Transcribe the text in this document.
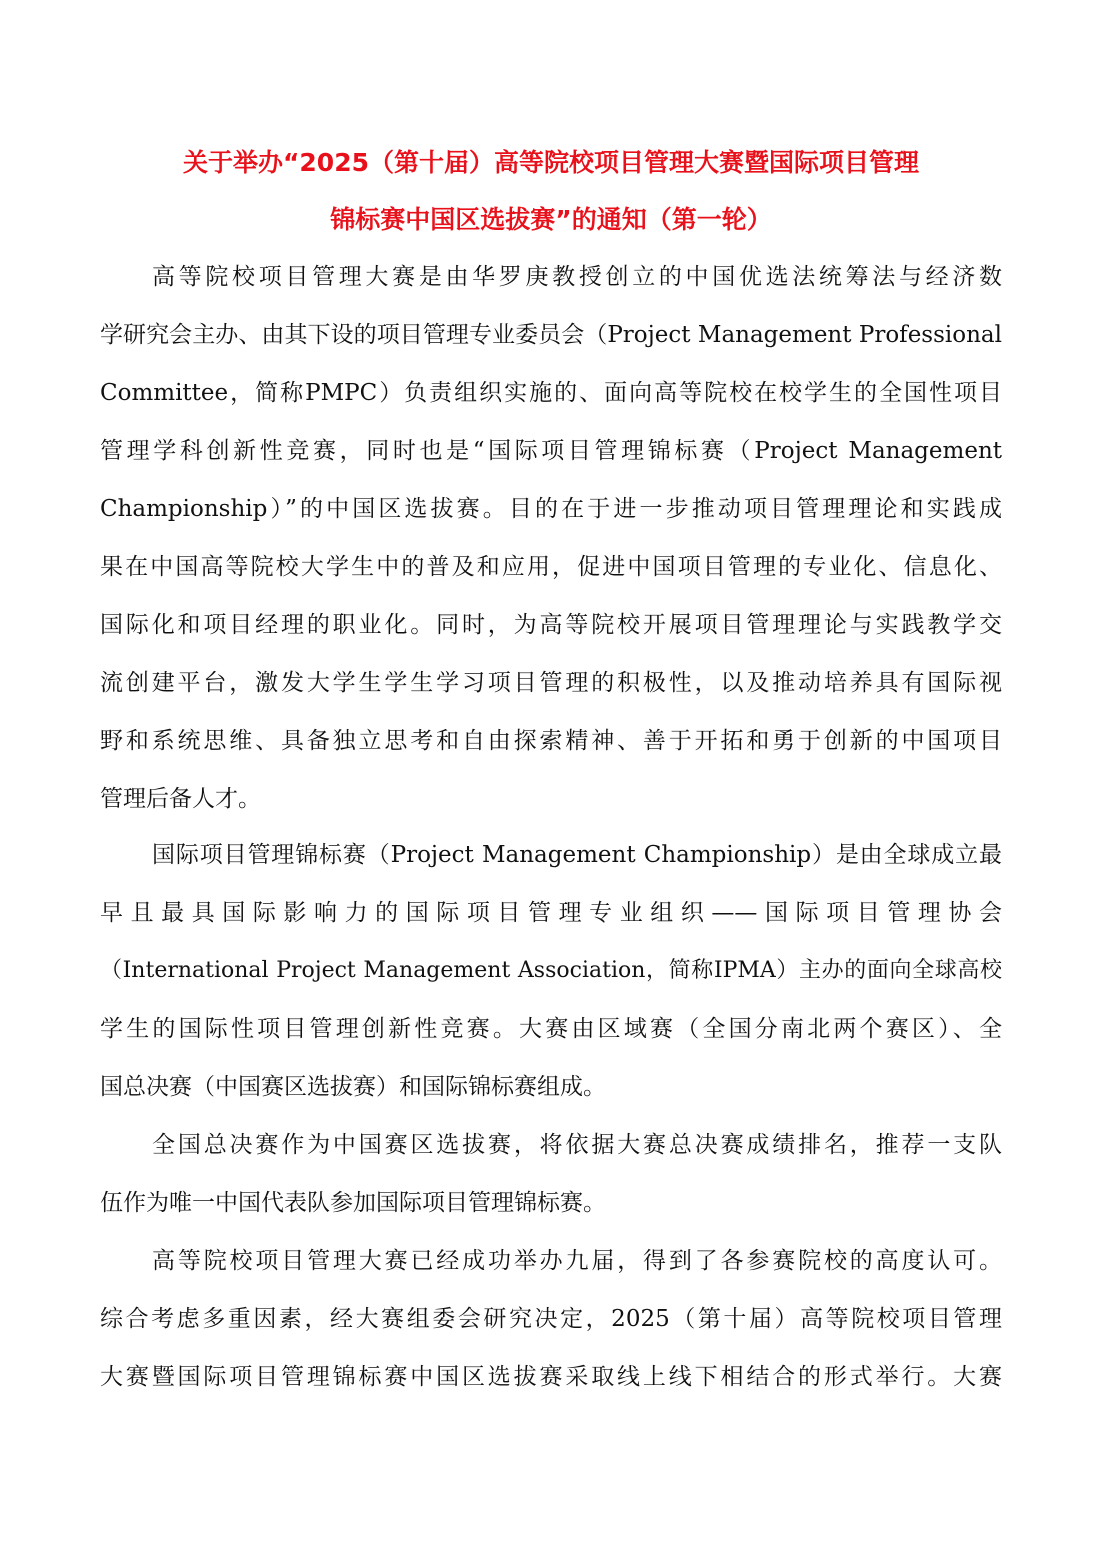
关于举办“2025（第十届）高等院校项目管理大赛暨国际项目管理
锦标赛中国区选拔赛”的通知（第一轮）
高等院校项目管理大赛是由华罗庚教授创立的中国优选法统筹法与经济数
学研究会主办、由其下设的项目管理专业委员会（Project Management Professional
Committee，简称PMPC）负责组织实施的、面向高等院校在校学生的全国性项目
管理学科创新性竞赛，同时也是“国际项目管理锦标赛（Project Management
Championship）”的中国区选拔赛。目的在于进一步推动项目管理理论和实践成
果在中国高等院校大学生中的普及和应用，促进中国项目管理的专业化、信息化、
国际化和项目经理的职业化。同时，为高等院校开展项目管理理论与实践教学交
流创建平台，激发大学生学生学习项目管理的积极性，以及推动培养具有国际视
野和系统思维、具备独立思考和自由探索精神、善于开拓和勇于创新的中国项目
管理后备人才。
国际项目管理锦标赛（Project Management Championship）是由全球成立最
早且最具国际影响力的国际项目管理专业组织——国际项目管理协会
（International Project Management Association，简称IPMA）主办的面向全球高校
学生的国际性项目管理创新性竞赛。大赛由区域赛（全国分南北两个赛区）、全
国总决赛（中国赛区选拔赛）和国际锦标赛组成。
全国总决赛作为中国赛区选拔赛，将依据大赛总决赛成绩排名，推荐一支队
伍作为唯一中国代表队参加国际项目管理锦标赛。
高等院校项目管理大赛已经成功举办九届，得到了各参赛院校的高度认可。
综合考虑多重因素，经大赛组委会研究决定，2025（第十届）高等院校项目管理
大赛暨国际项目管理锦标赛中国区选拔赛采取线上线下相结合的形式举行。大赛
